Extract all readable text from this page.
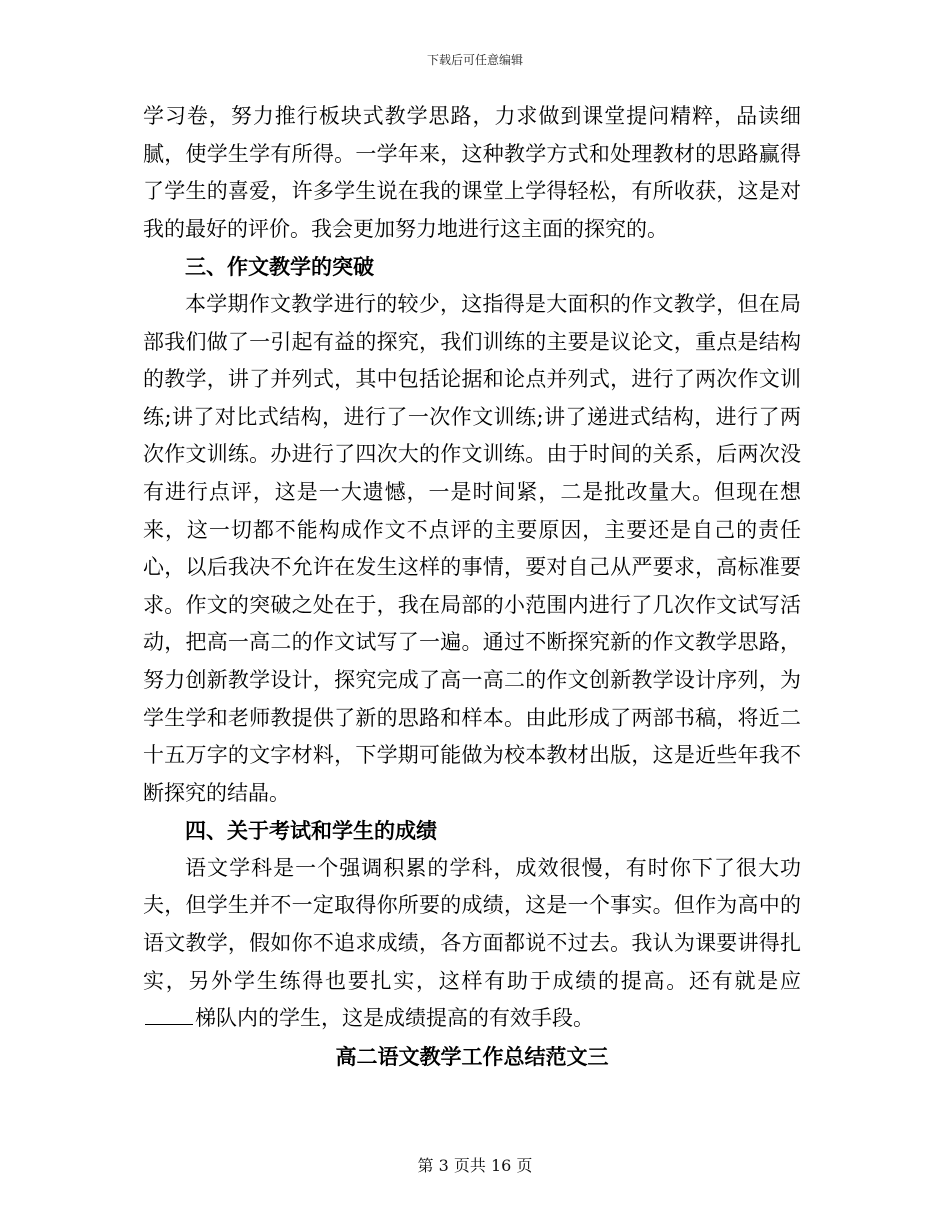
下载后可任意编辑

学习卷，努力推行板块式教学思路，力求做到课堂提问精粹，品读细腻，使学生学有所得。一学年来，这种教学方式和处理教材的思路赢得了学生的喜爱，许多学生说在我的课堂上学得轻松，有所收获，这是对我的最好的评价。我会更加努力地进行这主面的探究的。

三、作文教学的突破

本学期作文教学进行的较少，这指得是大面积的作文教学，但在局部我们做了一引起有益的探究，我们训练的主要是议论文，重点是结构的教学，讲了并列式，其中包括论据和论点并列式，进行了两次作文训练;讲了对比式结构，进行了一次作文训练;讲了递进式结构，进行了两次作文训练。办进行了四次大的作文训练。由于时间的关系，后两次没有进行点评，这是一大遗憾，一是时间紧，二是批改量大。但现在想来，这一切都不能构成作文不点评的主要原因，主要还是自己的责任心，以后我决不允许在发生这样的事情，要对自己从严要求，高标准要求。作文的突破之处在于，我在局部的小范围内进行了几次作文试写活动，把高一高二的作文试写了一遍。通过不断探究新的作文教学思路，努力创新教学设计，探究完成了高一高二的作文创新教学设计序列，为学生学和老师教提供了新的思路和样本。由此形成了两部书稿，将近二十五万字的文字材料，下学期可能做为校本教材出版，这是近些年我不断探究的结晶。

四、关于考试和学生的成绩

语文学科是一个强调积累的学科，成效很慢，有时你下了很大功夫，但学生并不一定取得你所要的成绩，这是一个事实。但作为高中的语文教学，假如你不追求成绩，各方面都说不过去。我认为课要讲得扎实，另外学生练得也要扎实，这样有助于成绩的提高。还有就是应梯队内的学生，这是成绩提高的有效手段。

高二语文教学工作总结范文三

第 3 页共 16 页
